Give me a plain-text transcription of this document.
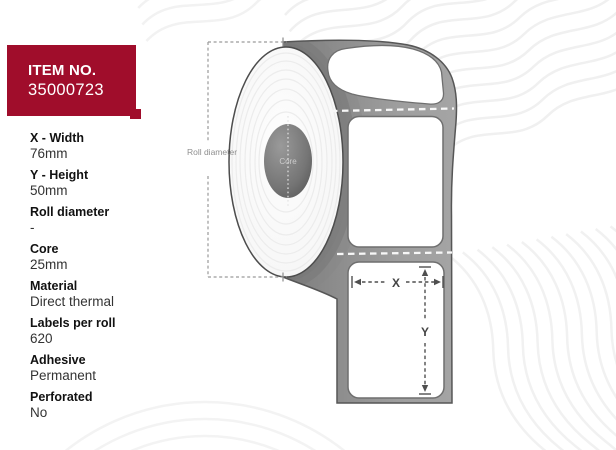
Core
X
Y
ITEM NO.
35000723
Roll diameter
X - Width
76mm
Y - Height
50mm
Roll diameter
-
Core
25mm
Material
Direct thermal
Labels per roll
620
Adhesive
Permanent
Perforated
No
